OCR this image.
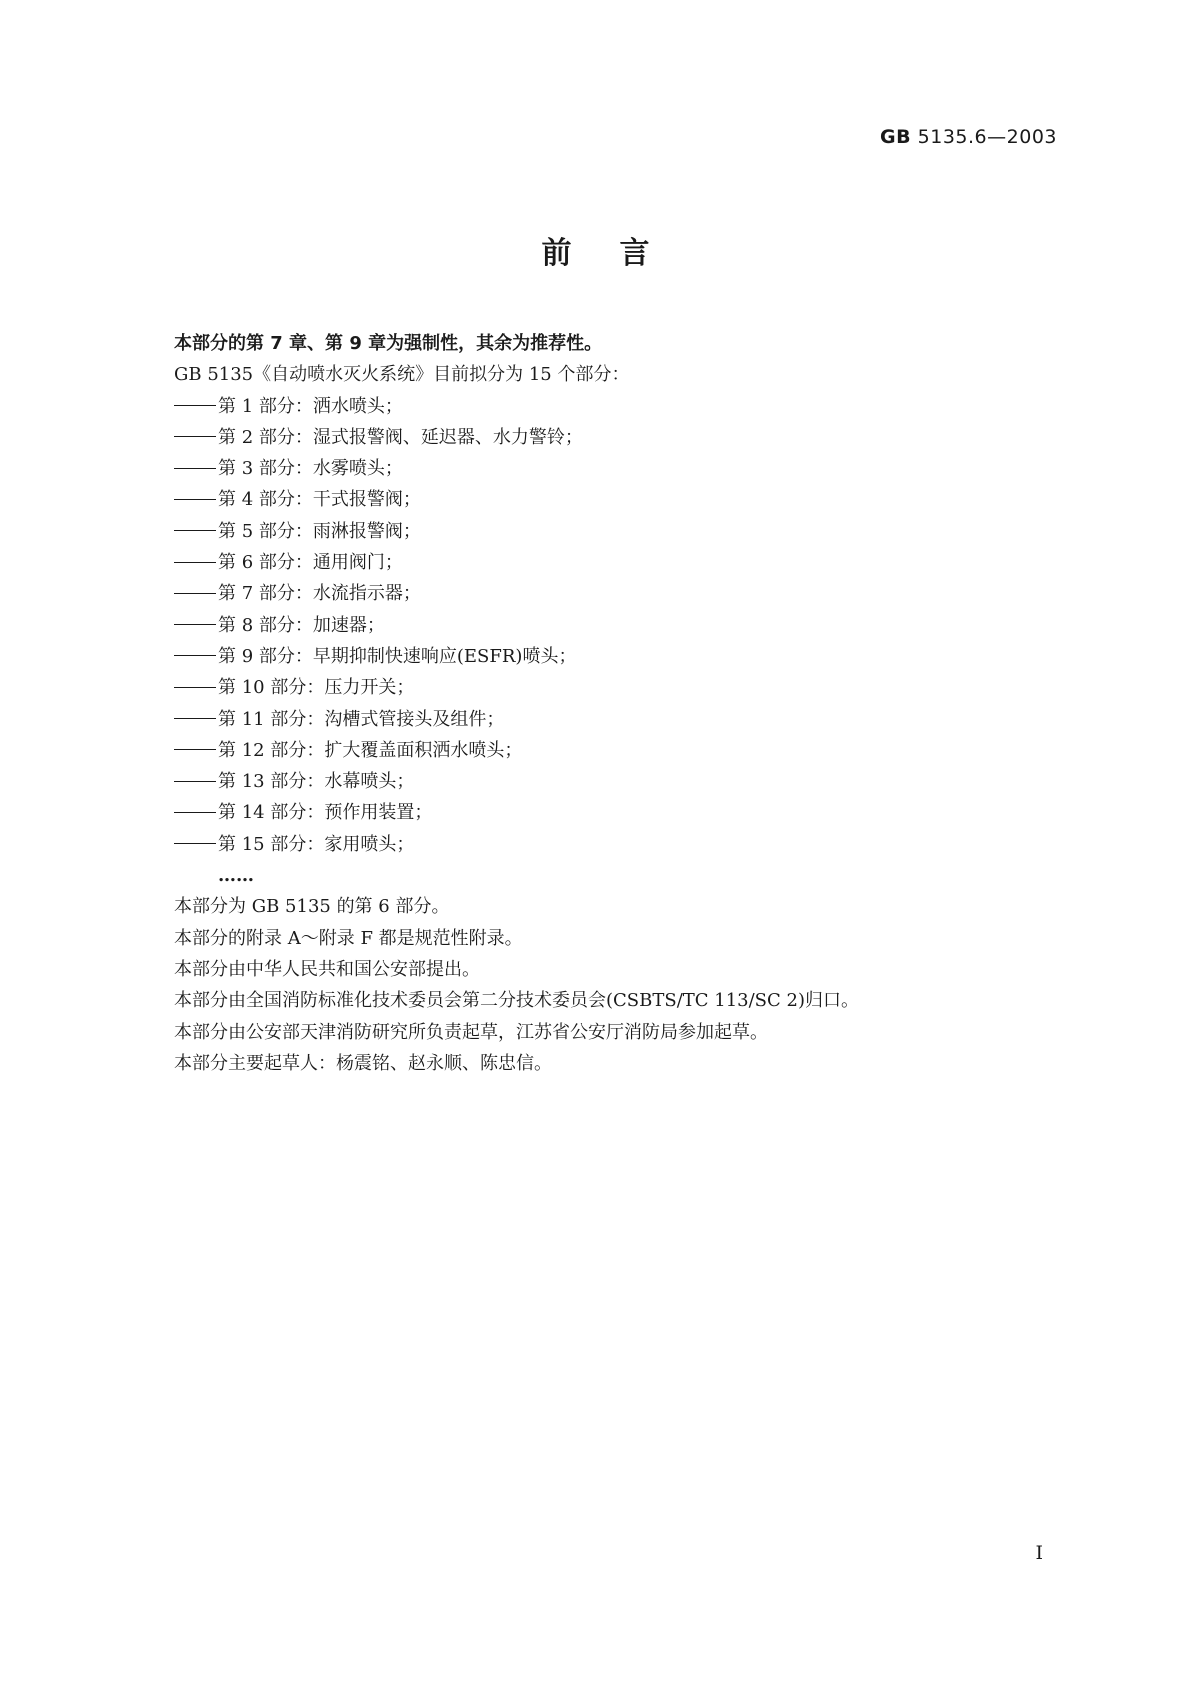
GB 5135.6—2003
前言
本部分的第 7 章、第 9 章为强制性，其余为推荐性。
GB 5135《自动喷水灭火系统》目前拟分为 15 个部分：
第 1 部分：洒水喷头；
第 2 部分：湿式报警阀、延迟器、水力警铃；
第 3 部分：水雾喷头；
第 4 部分：干式报警阀；
第 5 部分：雨淋报警阀；
第 6 部分：通用阀门；
第 7 部分：水流指示器；
第 8 部分：加速器；
第 9 部分：早期抑制快速响应(ESFR)喷头；
第 10 部分：压力开关；
第 11 部分：沟槽式管接头及组件；
第 12 部分：扩大覆盖面积洒水喷头；
第 13 部分：水幕喷头；
第 14 部分：预作用装置；
第 15 部分：家用喷头；
……
本部分为 GB 5135 的第 6 部分。
本部分的附录 A～附录 F 都是规范性附录。
本部分由中华人民共和国公安部提出。
本部分由全国消防标准化技术委员会第二分技术委员会(CSBTS/TC 113/SC 2)归口。
本部分由公安部天津消防研究所负责起草，江苏省公安厅消防局参加起草。
本部分主要起草人：杨震铭、赵永顺、陈忠信。
I
